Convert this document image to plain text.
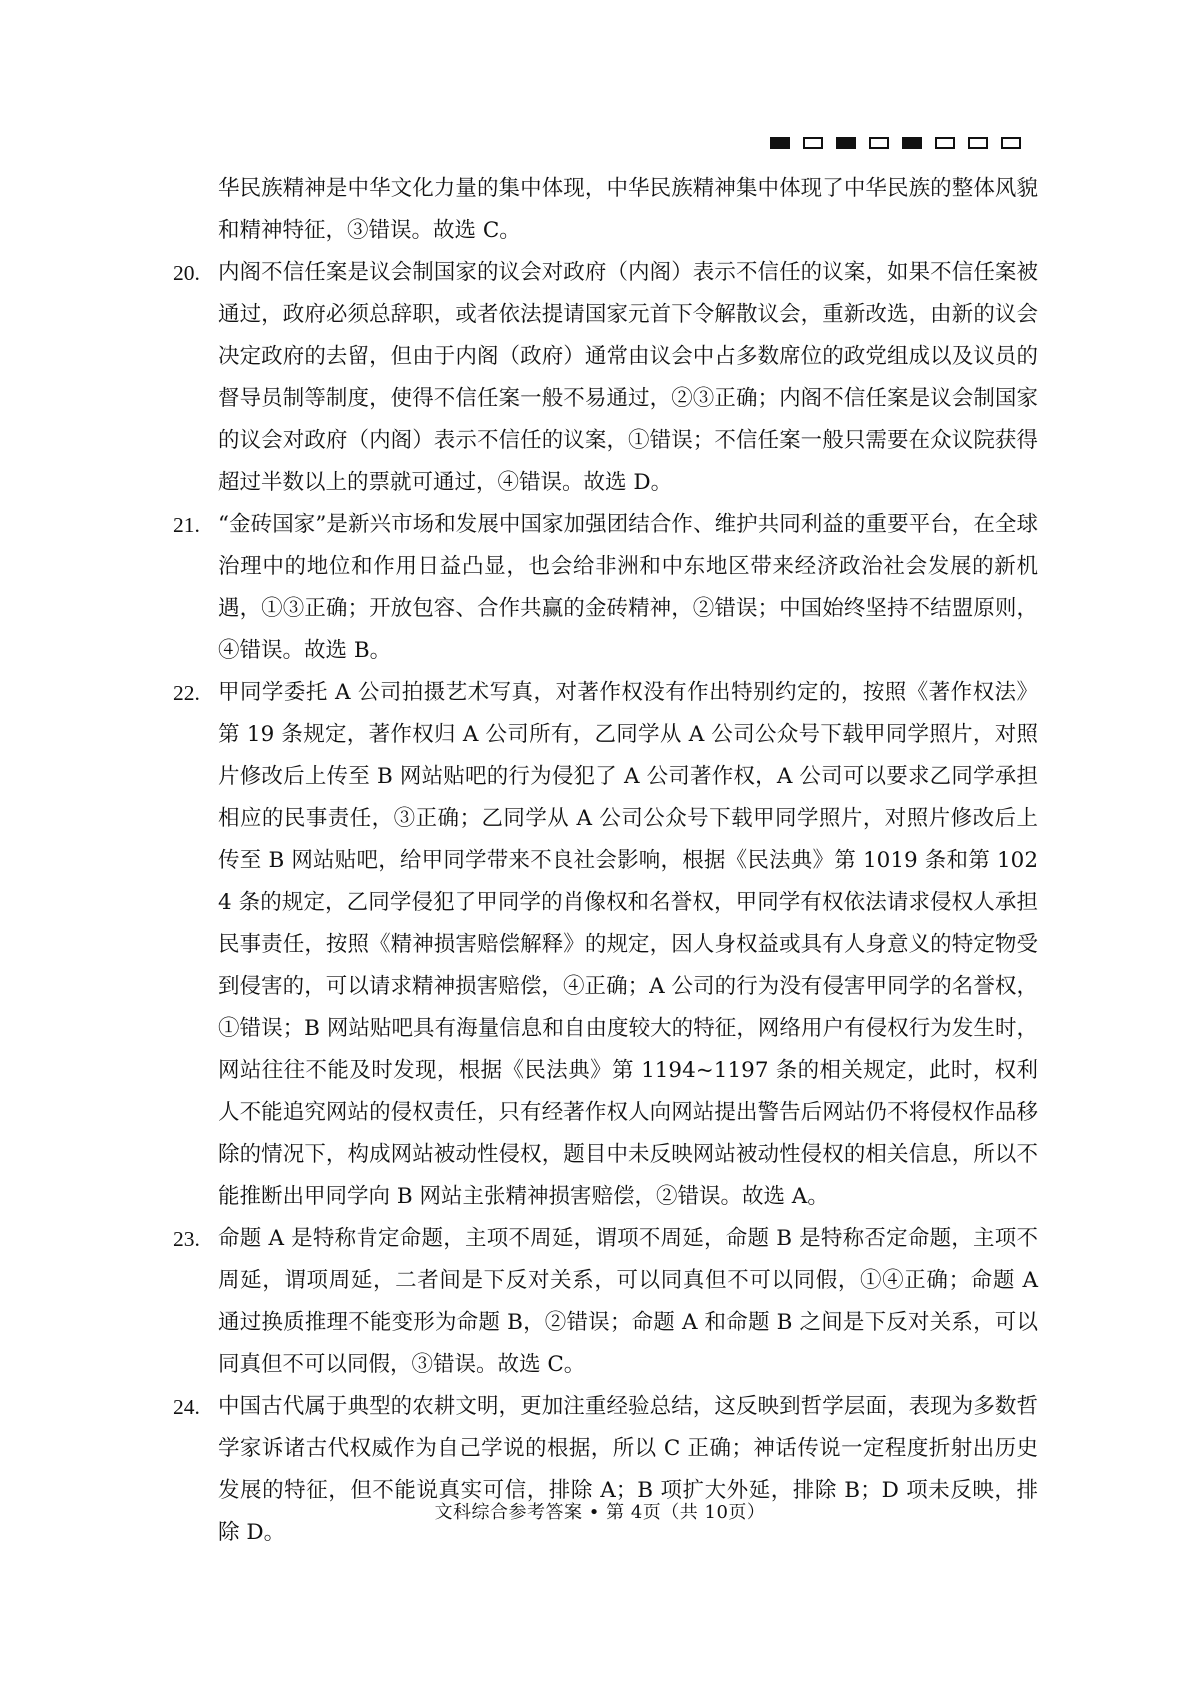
华民族精神是中华文化力量的集中体现，中华民族精神集中体现了中华民族的整体风貌和精神特征，③错误。故选 C。

20. 内阁不信任案是议会制国家的议会对政府（内阁）表示不信任的议案，如果不信任案被通过，政府必须总辞职，或者依法提请国家元首下令解散议会，重新改选，由新的议会决定政府的去留，但由于内阁（政府）通常由议会中占多数席位的政党组成以及议员的督导员制等制度，使得不信任案一般不易通过，②③正确；内阁不信任案是议会制国家的议会对政府（内阁）表示不信任的议案，①错误；不信任案一般只需要在众议院获得超过半数以上的票就可通过，④错误。故选 D。

21. “金砖国家”是新兴市场和发展中国家加强团结合作、维护共同利益的重要平台，在全球治理中的地位和作用日益凸显，也会给非洲和中东地区带来经济政治社会发展的新机遇，①③正确；开放包容、合作共赢的金砖精神，②错误；中国始终坚持不结盟原则，④错误。故选 B。

22. 甲同学委托 A 公司拍摄艺术写真，对著作权没有作出特别约定的，按照《著作权法》第 19 条规定，著作权归 A 公司所有，乙同学从 A 公司公众号下载甲同学照片，对照片修改后上传至 B 网站贴吧的行为侵犯了 A 公司著作权，A 公司可以要求乙同学承担相应的民事责任，③正确；乙同学从 A 公司公众号下载甲同学照片，对照片修改后上传至 B 网站贴吧，给甲同学带来不良社会影响，根据《民法典》第 1019 条和第 1024 条的规定，乙同学侵犯了甲同学的肖像权和名誉权，甲同学有权依法请求侵权人承担民事责任，按照《精神损害赔偿解释》的规定，因人身权益或具有人身意义的特定物受到侵害的，可以请求精神损害赔偿，④正确；A 公司的行为没有侵害甲同学的名誉权，①错误；B 网站贴吧具有海量信息和自由度较大的特征，网络用户有侵权行为发生时，网站往往不能及时发现，根据《民法典》第 1194~1197 条的相关规定，此时，权利人不能追究网站的侵权责任，只有经著作权人向网站提出警告后网站仍不将侵权作品移除的情况下，构成网站被动性侵权，题目中未反映网站被动性侵权的相关信息，所以不能推断出甲同学向 B 网站主张精神损害赔偿，②错误。故选 A。

23. 命题 A 是特称肯定命题，主项不周延，谓项不周延，命题 B 是特称否定命题，主项不周延，谓项周延，二者间是下反对关系，可以同真但不可以同假，①④正确；命题 A 通过换质推理不能变形为命题 B，②错误；命题 A 和命题 B 之间是下反对关系，可以同真但不可以同假，③错误。故选 C。

24. 中国古代属于典型的农耕文明，更加注重经验总结，这反映到哲学层面，表现为多数哲学家诉诸古代权威作为自己学说的根据，所以 C 正确；神话传说一定程度折射出历史发展的特征，但不能说真实可信，排除 A；B 项扩大外延，排除 B；D 项未反映，排除 D。

文科综合参考答案 • 第 4页（共 10页）
